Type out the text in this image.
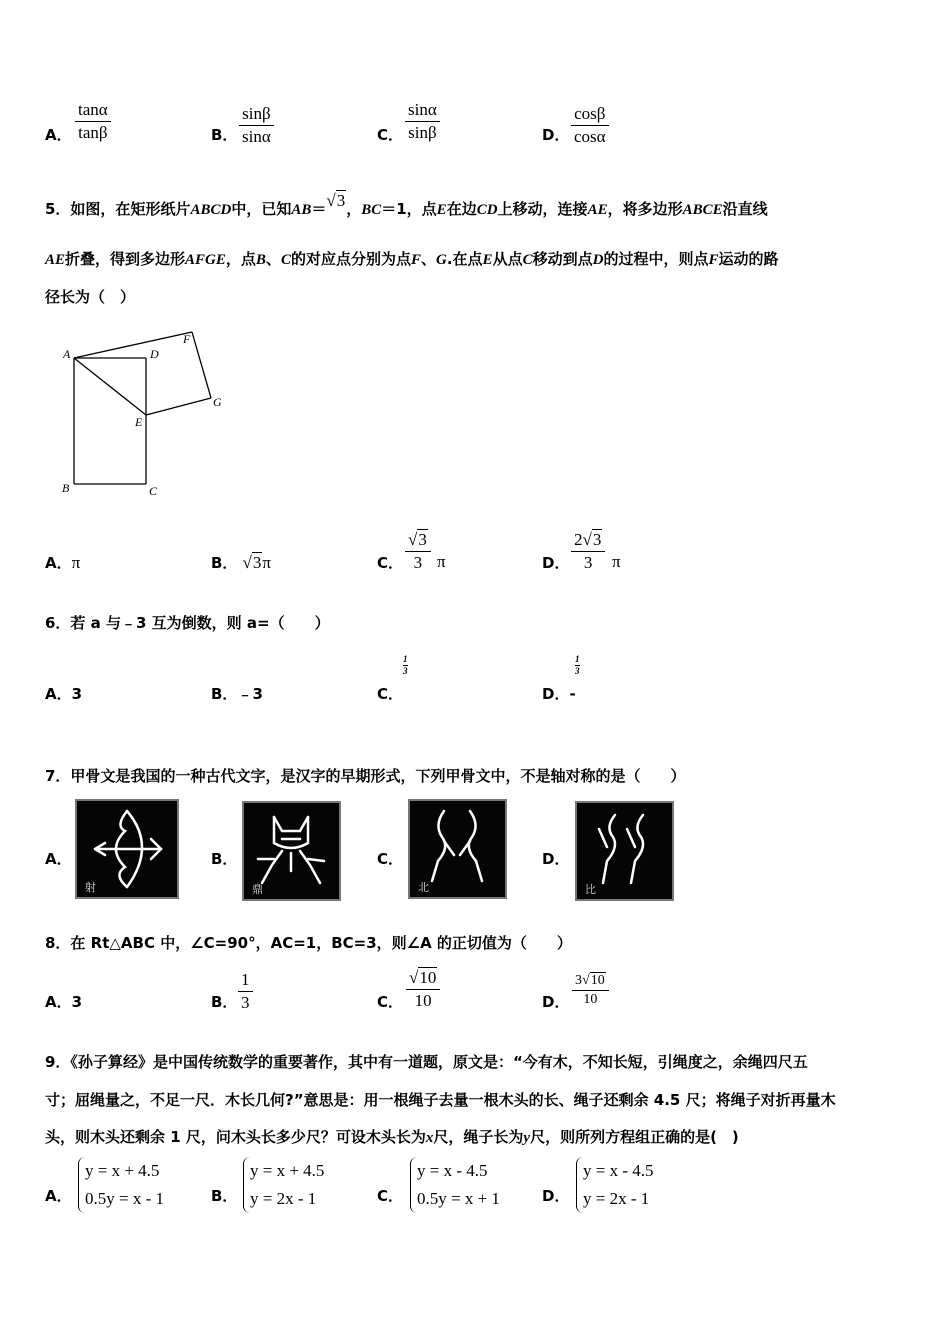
A． $\frac{\tan\alpha}{\tan\beta}$	B． $\frac{\sin\beta}{\sin\alpha}$	C． $\frac{\sin\alpha}{\sin\beta}$	D． $\frac{\cos\beta}{\cos\alpha}$
5．如图，在矩形纸片ABCD中，已知AB＝√3，BC＝1，点E在边CD上移动，连接AE，将多边形ABCE沿直线
AE折叠，得到多边形AFGE，点B、C的对应点分别为点F、G.在点E从点C移动到点D的过程中，则点F运动的路
径长为（　）
A	D
F
G
E
B	C
A．π	B． √3π	C． $\frac{√3}{3}$ π	D． $\frac{2√3}{3}$ π
6．若 a 与﹣3 互为倒数，则 a=（　　）
A．3	B．﹣3	C．
$\frac{1}{3}$
D．-
$\frac{1}{3}$
7．甲骨文是我国的一种古代文字，是汉字的早期形式，下列甲骨文中，不是轴对称的是（　　）
A．
射
B．
鼎
C．
北
D．
比
8．在 Rt△ABC 中，∠C=90°，AC=1，BC=3，则∠A 的正切值为（　　）
A．3	B． $\frac{1}{3}$	C． $\frac{√10}{10}$	D． $\frac{3√10}{10}$
9．《孙子算经》是中国传统数学的重要著作，其中有一道题，原文是：“今有木，不知长短，引绳度之，余绳四尺五
寸；屈绳量之，不足一尺．木长几何?”意思是：用一根绳子去量一根木头的长、绳子还剩余 4.5 尺；将绳子对折再量木
头，则木头还剩余 1 尺，问木头长多少尺？可设木头长为x尺，绳子长为y尺，则所列方程组正确的是(　)
A．
y = x + 4.5
0.5y = x - 1	B．
y = x + 4.5
y = 2x - 1	C．
y = x - 4.5
0.5y = x + 1	D．
y = x - 4.5
y = 2x - 1
